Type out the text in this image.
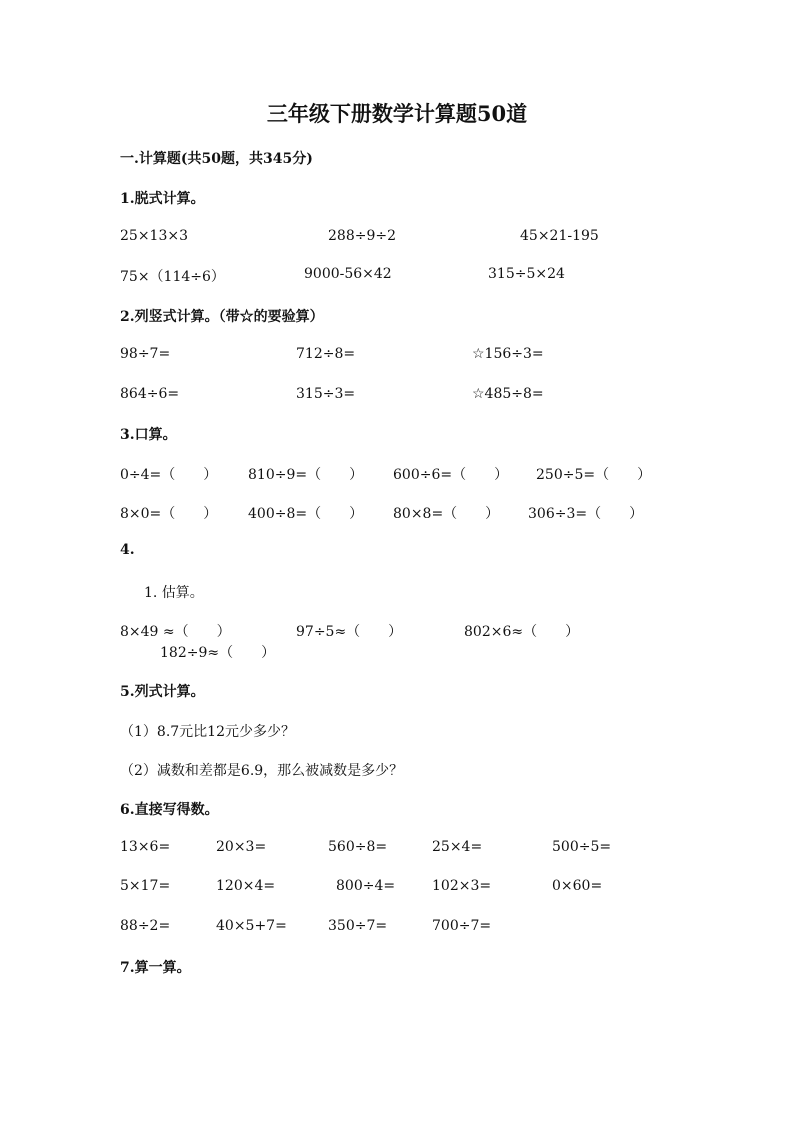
三年级下册数学计算题50道
一.计算题(共50题，共345分)
1.脱式计算。
25×13×3	288÷9÷2	45×21-195
75×（114÷6）	9000-56×42	315÷5×24
2.列竖式计算。（带☆的要验算）
98÷7=	712÷8=	☆156÷3=
864÷6=	315÷3=	☆485÷8=
3.口算。
0÷4=（　　） 810÷9=（　　） 600÷6=（　　） 250÷5=（　　）
8×0=（　　） 400÷8=（　　） 80×8=（　　） 306÷3=（　　）
4.
1. 估算。
8×49 ≈（　　）	97÷5≈（　　）	802×6≈（　　）
182÷9≈（　　）
5.列式计算。
（1）8.7元比12元少多少？
（2）减数和差都是6.9，那么被减数是多少？
6.直接写得数。
13×6=	20×3=	560÷8=	25×4=	500÷5=
5×17=	120×4=	800÷4=	102×3=	0×60=
88÷2=	40×5+7=	350÷7=	700÷7=
7.算一算。
